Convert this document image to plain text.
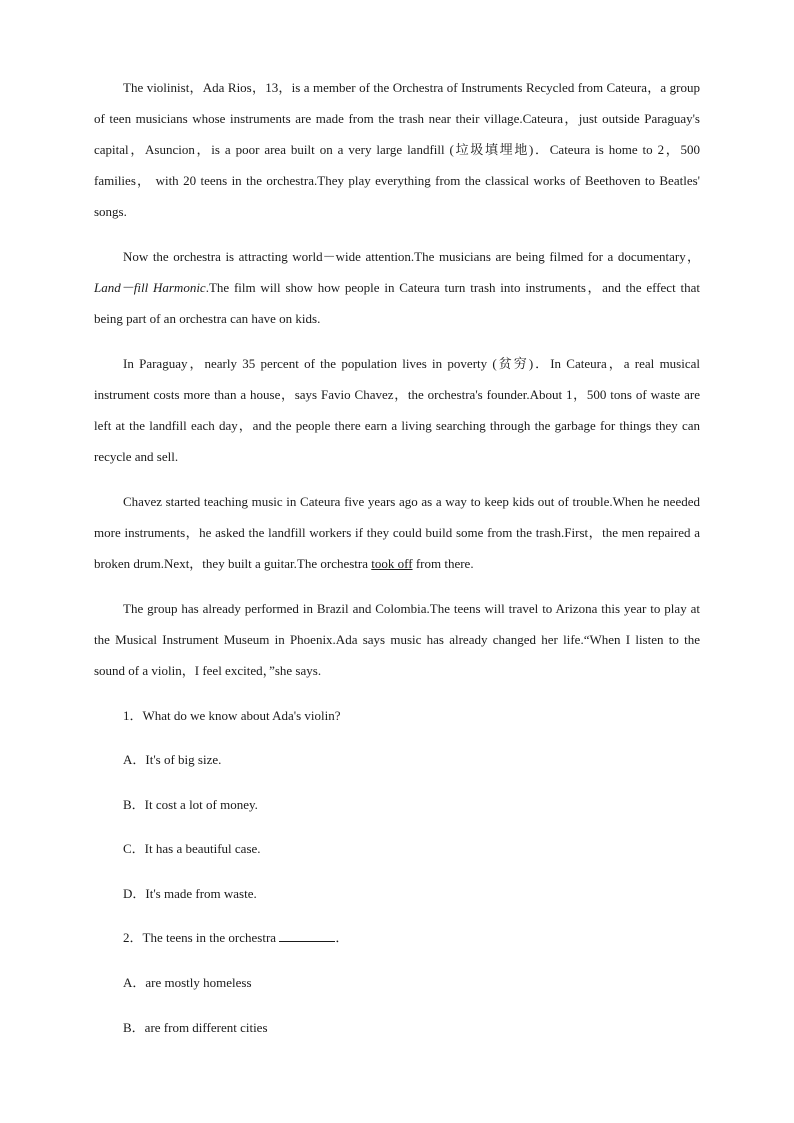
The violinist，Ada Rios，13，is a member of the Orchestra of Instruments Recycled from Cateura，a group of teen musicians whose instruments are made from the trash near their village.Cateura，just outside Paraguay's capital，Asuncion，is a poor area built on a very large landfill (垃圾填埋地)．Cateura is home to 2，500 families， with 20 teens in the orchestra.They play everything from the classical works of Beethoven to Beatles' songs.

Now the orchestra is attracting world－wide attention.The musicians are being filmed for a documentary，Land－fill Harmonic.The film will show how people in Cateura turn trash into instruments，and the effect that being part of an orchestra can have on kids.

In Paraguay，nearly 35 percent of the population lives in poverty (贫穷)．In Cateura，a real musical instrument costs more than a house，says Favio Chavez，the orchestra's founder.About 1，500 tons of waste are left at the landfill each day，and the people there earn a living searching through the garbage for things they can recycle and sell.

Chavez started teaching music in Cateura five years ago as a way to keep kids out of trouble.When he needed more instruments，he asked the landfill workers if they could build some from the trash.First，the men repaired a broken drum.Next，they built a guitar.The orchestra took off from there.

The group has already performed in Brazil and Colombia.The teens will travel to Arizona this year to play at the Musical Instrument Museum in Phoenix.Ada says music has already changed her life.“When I listen to the sound of a violin，I feel excited，”she says.

1．What do we know about Ada's violin?

A．It's of big size.

B．It cost a lot of money.

C．It has a beautiful case.

D．It's made from waste.

2．The teens in the orchestra	．

A．are mostly homeless

B．are from different cities
